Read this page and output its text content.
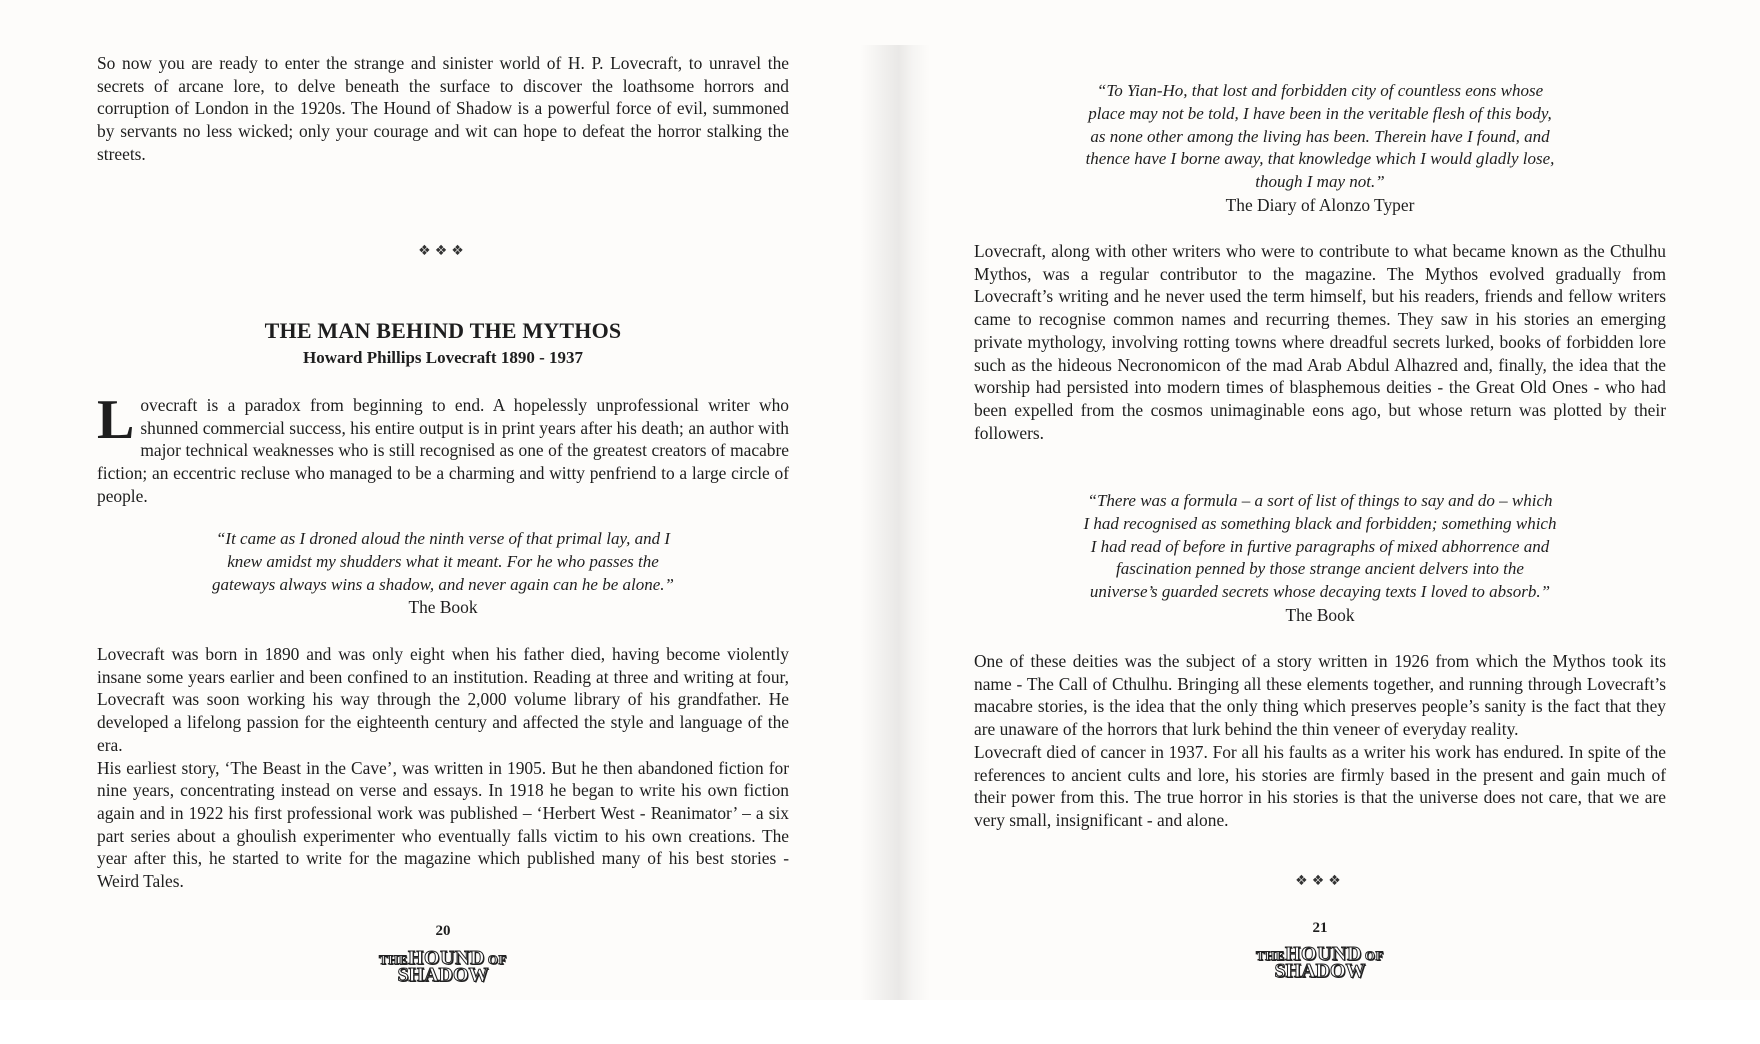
So now you are ready to enter the strange and sinister world of H. P. Lovecraft, to unravel the secrets of arcane lore, to delve beneath the surface to discover the loathsome horrors and corruption of London in the 1920s. The Hound of Shadow is a powerful force of evil, summoned by servants no less wicked; only your courage and wit can hope to defeat the horror stalking the streets.

❖❖❖

THE MAN BEHIND THE MYTHOS

Howard Phillips Lovecraft 1890 - 1937

Lovecraft is a paradox from beginning to end. A hopelessly unprofessional writer who shunned commercial success, his entire output is in print years after his death; an author with major technical weaknesses who is still recognised as one of the greatest creators of macabre fiction; an eccentric recluse who managed to be a charming and witty penfriend to a large circle of people.

“It came as I droned aloud the ninth verse of that primal lay, and I

knew amidst my shudders what it meant. For he who passes the

gateways always wins a shadow, and never again can he be alone.”

The Book

Lovecraft was born in 1890 and was only eight when his father died, having become violently insane some years earlier and been confined to an institution. Reading at three and writing at four, Lovecraft was soon working his way through the 2,000 volume library of his grandfather. He developed a lifelong passion for the eighteenth century and affected the style and language of the era.

His earliest story, ‘The Beast in the Cave’, was written in 1905. But he then abandoned fiction for nine years, concentrating instead on verse and essays. In 1918 he began to write his own fiction again and in 1922 his first professional work was published – ‘Herbert West - Reanimator’ – a six part series about a ghoulish experimenter who eventually falls victim to his own creations. The year after this, he started to write for the magazine which published many of his best stories - Weird Tales.

20
THEHOUND OF
SHADOW

“To Yian-Ho, that lost and forbidden city of countless eons whose

place may not be told, I have been in the veritable flesh of this body,

as none other among the living has been. Therein have I found, and

thence have I borne away, that knowledge which I would gladly lose,

though I may not.”

The Diary of Alonzo Typer

Lovecraft, along with other writers who were to contribute to what became known as the Cthulhu Mythos, was a regular contributor to the magazine. The Mythos evolved gradually from Lovecraft’s writing and he never used the term himself, but his readers, friends and fellow writers came to recognise common names and recurring themes. They saw in his stories an emerging private mythology, involving rotting towns where dreadful secrets lurked, books of forbidden lore such as the hideous Necronomicon of the mad Arab Abdul Alhazred and, finally, the idea that the worship had persisted into modern times of blasphemous deities - the Great Old Ones - who had been expelled from the cosmos unimaginable eons ago, but whose return was plotted by their followers.

“There was a formula – a sort of list of things to say and do – which

I had recognised as something black and forbidden; something which

I had read of before in furtive paragraphs of mixed abhorrence and

fascination penned by those strange ancient delvers into the

universe’s guarded secrets whose decaying texts I loved to absorb.”

The Book

One of these deities was the subject of a story written in 1926 from which the Mythos took its name - The Call of Cthulhu. Bringing all these elements together, and running through Lovecraft’s macabre stories, is the idea that the only thing which preserves people’s sanity is the fact that they are unaware of the horrors that lurk behind the thin veneer of everyday reality.

Lovecraft died of cancer in 1937. For all his faults as a writer his work has endured. In spite of the references to ancient cults and lore, his stories are firmly based in the present and gain much of their power from this. The true horror in his stories is that the universe does not care, that we are very small, insignificant - and alone.

❖❖❖
21
THEHOUND OF
SHADOW
